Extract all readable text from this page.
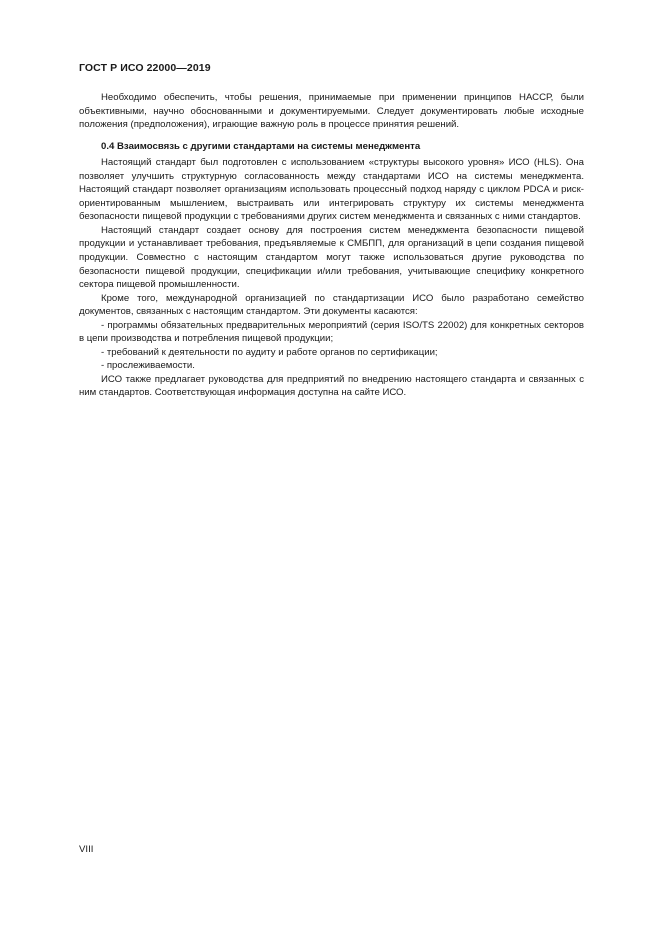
ГОСТ Р ИСО 22000—2019

Необходимо обеспечить, чтобы решения, принимаемые при применении принципов НАССР, были объективными, научно обоснованными и документируемыми. Следует документировать любые исходные положения (предположения), играющие важную роль в процессе принятия решений.

0.4 Взаимосвязь с другими стандартами на системы менеджмента

Настоящий стандарт был подготовлен с использованием «структуры высокого уровня» ИСО (HLS). Она позволяет улучшить структурную согласованность между стандартами ИСО на системы менеджмента. Настоящий стандарт позволяет организациям использовать процессный подход наряду с циклом PDCA и риск-ориентированным мышлением, выстраивать или интегрировать структуру их системы менеджмента безопасности пищевой продукции с требованиями других систем менеджмента и связанных с ними стандартов.

Настоящий стандарт создает основу для построения систем менеджмента безопасности пищевой продукции и устанавливает требования, предъявляемые к СМБПП, для организаций в цепи создания пищевой продукции. Совместно с настоящим стандартом могут также использоваться другие руководства по безопасности пищевой продукции, спецификации и/или требования, учитывающие специфику конкретного сектора пищевой промышленности.

Кроме того, международной организацией по стандартизации ИСО было разработано семейство документов, связанных с настоящим стандартом. Эти документы касаются:

- программы обязательных предварительных мероприятий (серия ISO/TS 22002) для конкретных секторов в цепи производства и потребления пищевой продукции;

- требований к деятельности по аудиту и работе органов по сертификации;

- прослеживаемости.

ИСО также предлагает руководства для предприятий по внедрению настоящего стандарта и связанных с ним стандартов. Соответствующая информация доступна на сайте ИСО.

VIII
